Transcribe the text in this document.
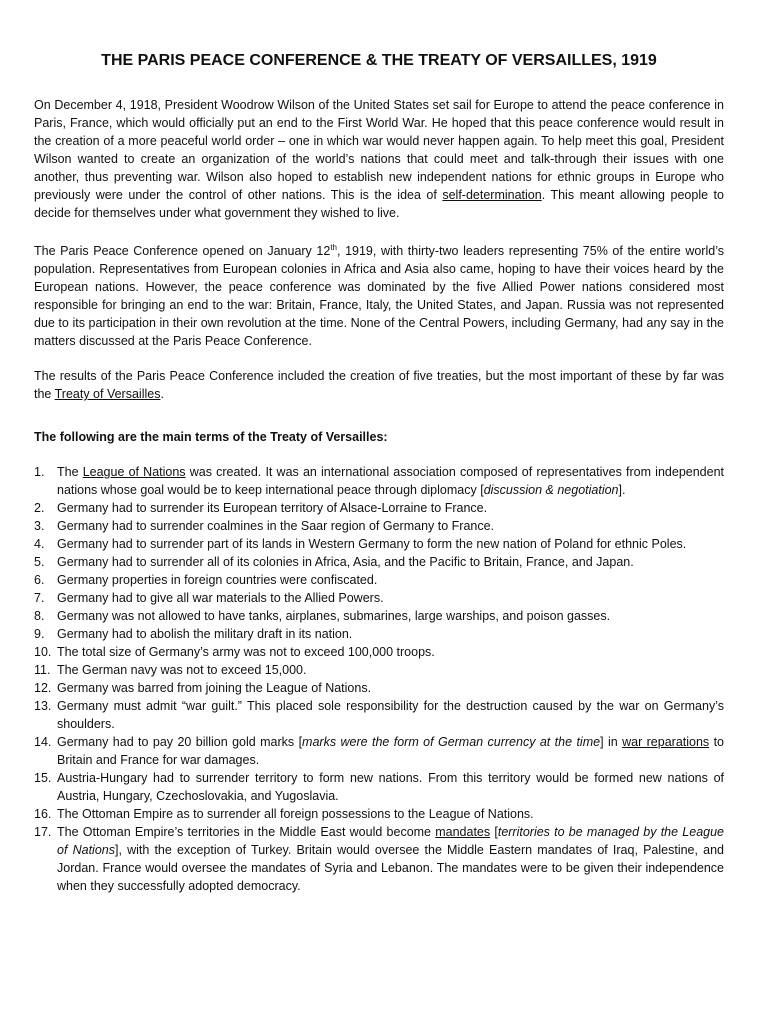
THE PARIS PEACE CONFERENCE & THE TREATY OF VERSAILLES, 1919

On December 4, 1918, President Woodrow Wilson of the United States set sail for Europe to attend the peace conference in Paris, France, which would officially put an end to the First World War. He hoped that this peace conference would result in the creation of a more peaceful world order – one in which war would never happen again. To help meet this goal, President Wilson wanted to create an organization of the world’s nations that could meet and talk-through their issues with one another, thus preventing war. Wilson also hoped to establish new independent nations for ethnic groups in Europe who previously were under the control of other nations. This is the idea of self-determination. This meant allowing people to decide for themselves under what government they wished to live.

The Paris Peace Conference opened on January 12th, 1919, with thirty-two leaders representing 75% of the entire world’s population. Representatives from European colonies in Africa and Asia also came, hoping to have their voices heard by the European nations. However, the peace conference was dominated by the five Allied Power nations considered most responsible for bringing an end to the war: Britain, France, Italy, the United States, and Japan. Russia was not represented due to its participation in their own revolution at the time. None of the Central Powers, including Germany, had any say in the matters discussed at the Paris Peace Conference.

The results of the Paris Peace Conference included the creation of five treaties, but the most important of these by far was the Treaty of Versailles.

The following are the main terms of the Treaty of Versailles:

1. The League of Nations was created. It was an international association composed of representatives from independent nations whose goal would be to keep international peace through diplomacy [discussion & negotiation].
2. Germany had to surrender its European territory of Alsace-Lorraine to France.
3. Germany had to surrender coalmines in the Saar region of Germany to France.
4. Germany had to surrender part of its lands in Western Germany to form the new nation of Poland for ethnic Poles.
5. Germany had to surrender all of its colonies in Africa, Asia, and the Pacific to Britain, France, and Japan.
6. Germany properties in foreign countries were confiscated.
7. Germany had to give all war materials to the Allied Powers.
8. Germany was not allowed to have tanks, airplanes, submarines, large warships, and poison gasses.
9. Germany had to abolish the military draft in its nation.
10. The total size of Germany’s army was not to exceed 100,000 troops.
11. The German navy was not to exceed 15,000.
12. Germany was barred from joining the League of Nations.
13. Germany must admit “war guilt.” This placed sole responsibility for the destruction caused by the war on Germany’s shoulders.
14. Germany had to pay 20 billion gold marks [marks were the form of German currency at the time] in war reparations to Britain and France for war damages.
15. Austria-Hungary had to surrender territory to form new nations. From this territory would be formed new nations of Austria, Hungary, Czechoslovakia, and Yugoslavia.
16. The Ottoman Empire as to surrender all foreign possessions to the League of Nations.
17. The Ottoman Empire’s territories in the Middle East would become mandates [territories to be managed by the League of Nations], with the exception of Turkey. Britain would oversee the Middle Eastern mandates of Iraq, Palestine, and Jordan. France would oversee the mandates of Syria and Lebanon. The mandates were to be given their independence when they successfully adopted democracy.
